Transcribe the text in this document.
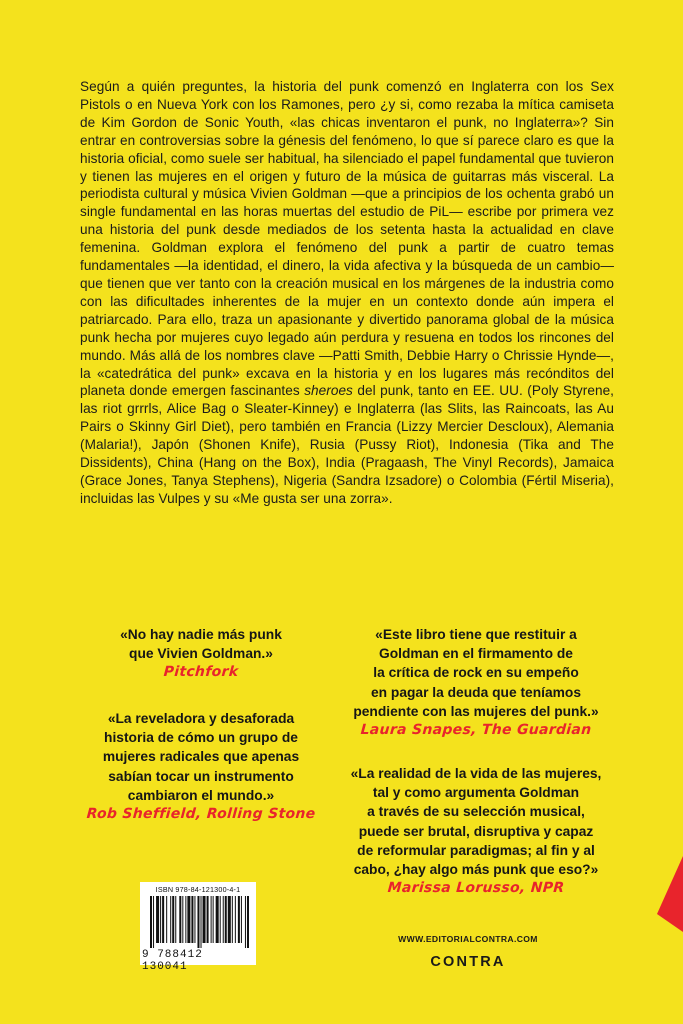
Según a quién preguntes, la historia del punk comenzó en Inglaterra con los Sex Pistols o en Nueva York con los Ramones, pero ¿y si, como rezaba la mítica camiseta de Kim Gordon de Sonic Youth, «las chicas inventaron el punk, no Inglaterra»? Sin entrar en controversias sobre la génesis del fenómeno, lo que sí parece claro es que la historia oficial, como suele ser habitual, ha silenciado el papel fundamental que tuvieron y tienen las mujeres en el origen y futuro de la música de guitarras más visceral. La periodista cultural y música Vivien Goldman —que a principios de los ochenta grabó un single fundamental en las horas muertas del estudio de PiL— escribe por primera vez una historia del punk desde mediados de los setenta hasta la actualidad en clave femenina. Goldman explora el fenómeno del punk a partir de cuatro temas fundamentales —la identidad, el dinero, la vida afectiva y la búsqueda de un cambio— que tienen que ver tanto con la creación musical en los márgenes de la industria como con las dificultades inherentes de la mujer en un contexto donde aún impera el patriarcado. Para ello, traza un apasionante y divertido panorama global de la música punk hecha por mujeres cuyo legado aún perdura y resuena en todos los rincones del mundo. Más allá de los nombres clave —Patti Smith, Debbie Harry o Chrissie Hynde—, la «catedrática del punk» excava en la historia y en los lugares más recónditos del planeta donde emergen fascinantes sheroes del punk, tanto en EE. UU. (Poly Styrene, las riot grrrls, Alice Bag o Sleater-Kinney) e Inglaterra (las Slits, las Raincoats, las Au Pairs o Skinny Girl Diet), pero también en Francia (Lizzy Mercier Descloux), Alemania (Malaria!), Japón (Shonen Knife), Rusia (Pussy Riot), Indonesia (Tika and The Dissidents), China (Hang on the Box), India (Pragaash, The Vinyl Records), Jamaica (Grace Jones, Tanya Stephens), Nigeria (Sandra Izsadore) o Colombia (Fértil Miseria), incluidas las Vulpes y su «Me gusta ser una zorra».
«No hay nadie más punk
que Vivien Goldman.»
Pitchfork
«La reveladora y desaforada
historia de cómo un grupo de
mujeres radicales que apenas
sabían tocar un instrumento
cambiaron el mundo.»
Rob Sheffield, Rolling Stone
«Este libro tiene que restituir a
Goldman en el firmamento de
la crítica de rock en su empeño
en pagar la deuda que teníamos
pendiente con las mujeres del punk.»
Laura Snapes, The Guardian
«La realidad de la vida de las mujeres,
tal y como argumenta Goldman
a través de su selección musical,
puede ser brutal, disruptiva y capaz
de reformular paradigmas; al fin y al
cabo, ¿hay algo más punk que eso?»
Marissa Lorusso, NPR
ISBN 978-84-121300-4-1
9 788412 130041
WWW.EDITORIALCONTRA.COM
CONTRA
